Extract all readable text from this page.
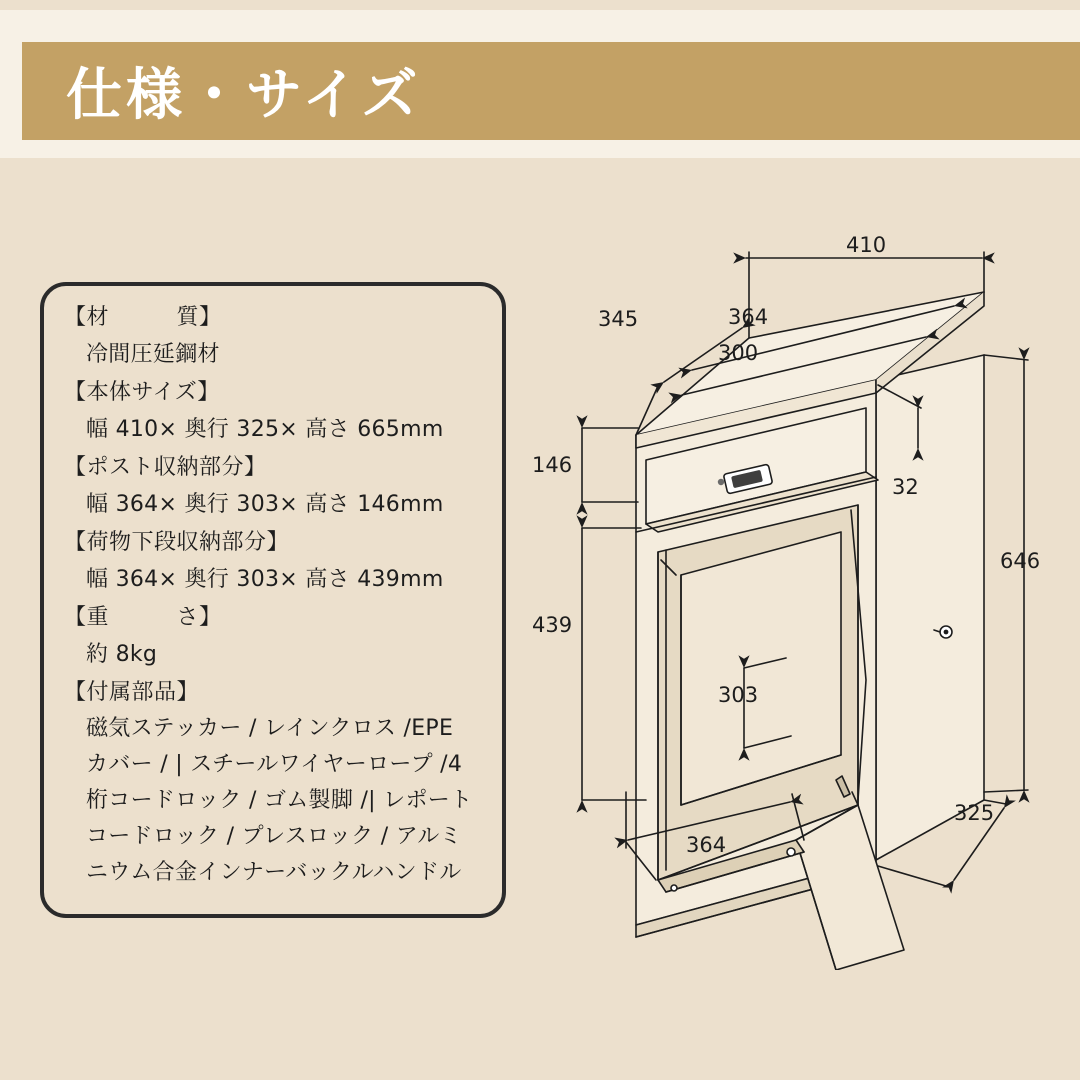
仕様・サイズ
【材　　　質】
冷間圧延鋼材
【本体サイズ】
幅 410× 奥行 325× 高さ 665mm
【ポスト収納部分】
幅 364× 奥行 303× 高さ 146mm
【荷物下段収納部分】
幅 364× 奥行 303× 高さ 439mm
【重　　　さ】
約 8kg
【付属部品】
磁気ステッカー / レインクロス /EPE
カバー / | スチールワイヤーロープ /4
桁コードロック / ゴム製脚 /| レポート
コードロック / プレスロック / アルミ
ニウム合金インナーバックルハンドル
410
345	364
300
146
439
32
303
646
325
364
